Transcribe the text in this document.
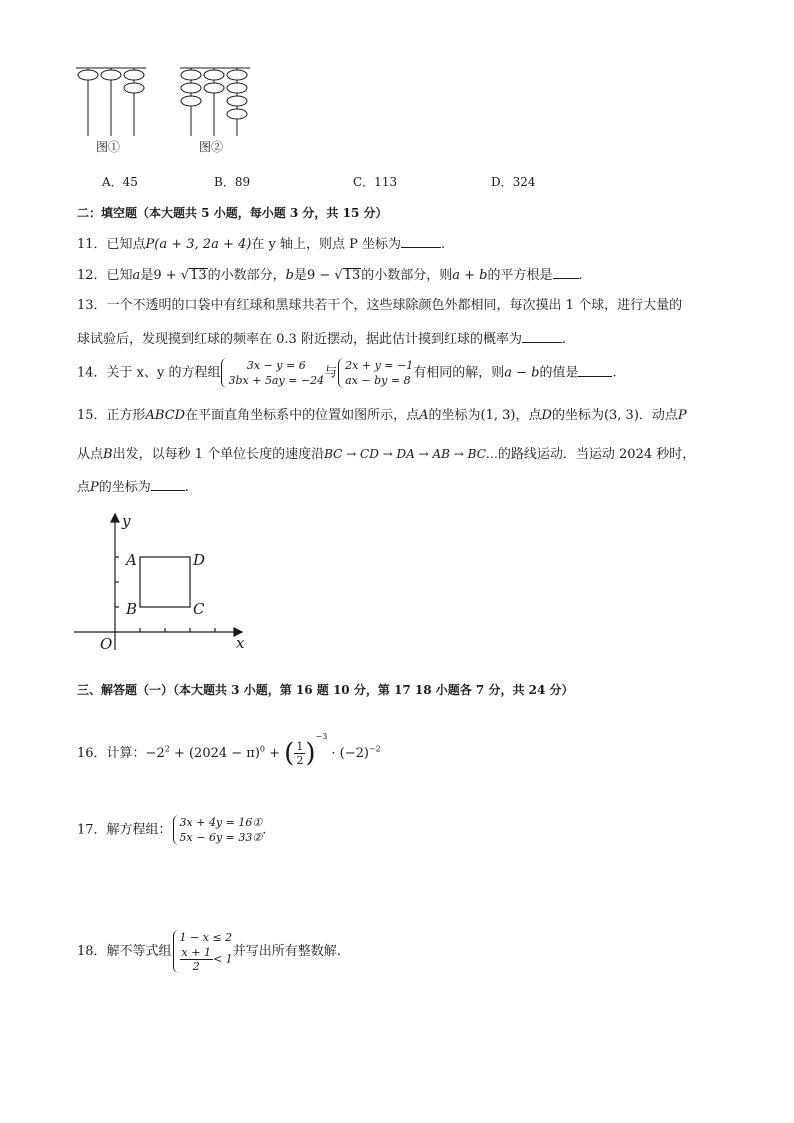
图①	图②
A．45	B．89	C．113	D．324
二：填空题（本大题共 5 小题，每小题 3 分，共 15 分）
11．已知点P(a + 3, 2a + 4)在 y 轴上，则点 P 坐标为	.
12．已知a是9 + √13的小数部分，b是9 − √13的小数部分，则a + b的平方根是 .
13．一个不透明的口袋中有红球和黑球共若干个，这些球除颜色外都相同，每次摸出 1 个球，进行大量的
球试验后，发现摸到红球的频率在 0.3 附近摆动，据此估计摸到红球的概率为	.
14．关于 x、y 的方程组	3x − y = 6
3bx + 5ay = −24 与 2x + y = −1
ax − by = 8 有相同的解，则a − b的值是	.
15．正方形ABCD在平面直角坐标系中的位置如图所示，点A的坐标为(1, 3)，点D的坐标为(3, 3)．动点P
从点B出发，以每秒 1 个单位长度的速度沿BC → CD → DA → AB → BC…的路线运动．当运动 2024 秒时，
点P的坐标为	.
y
x
O
A
B	C
D
三、解答题（一）（本大题共 3 小题，第 16 题 10 分，第 17 18 小题各 7 分，共 24 分）
16．计算：$-2^2 + (2024 - \pi)^0$ + ( $\frac{1}{2} )^{-3} \cdot (-2)^{-2}$
17．解方程组： 3x + 4y = 16①
5x − 6y = 33② .
18．解不等式组
1 − x ≤ 2
$\frac{x + 1}{2} < 1$ 并写出所有整数解.
